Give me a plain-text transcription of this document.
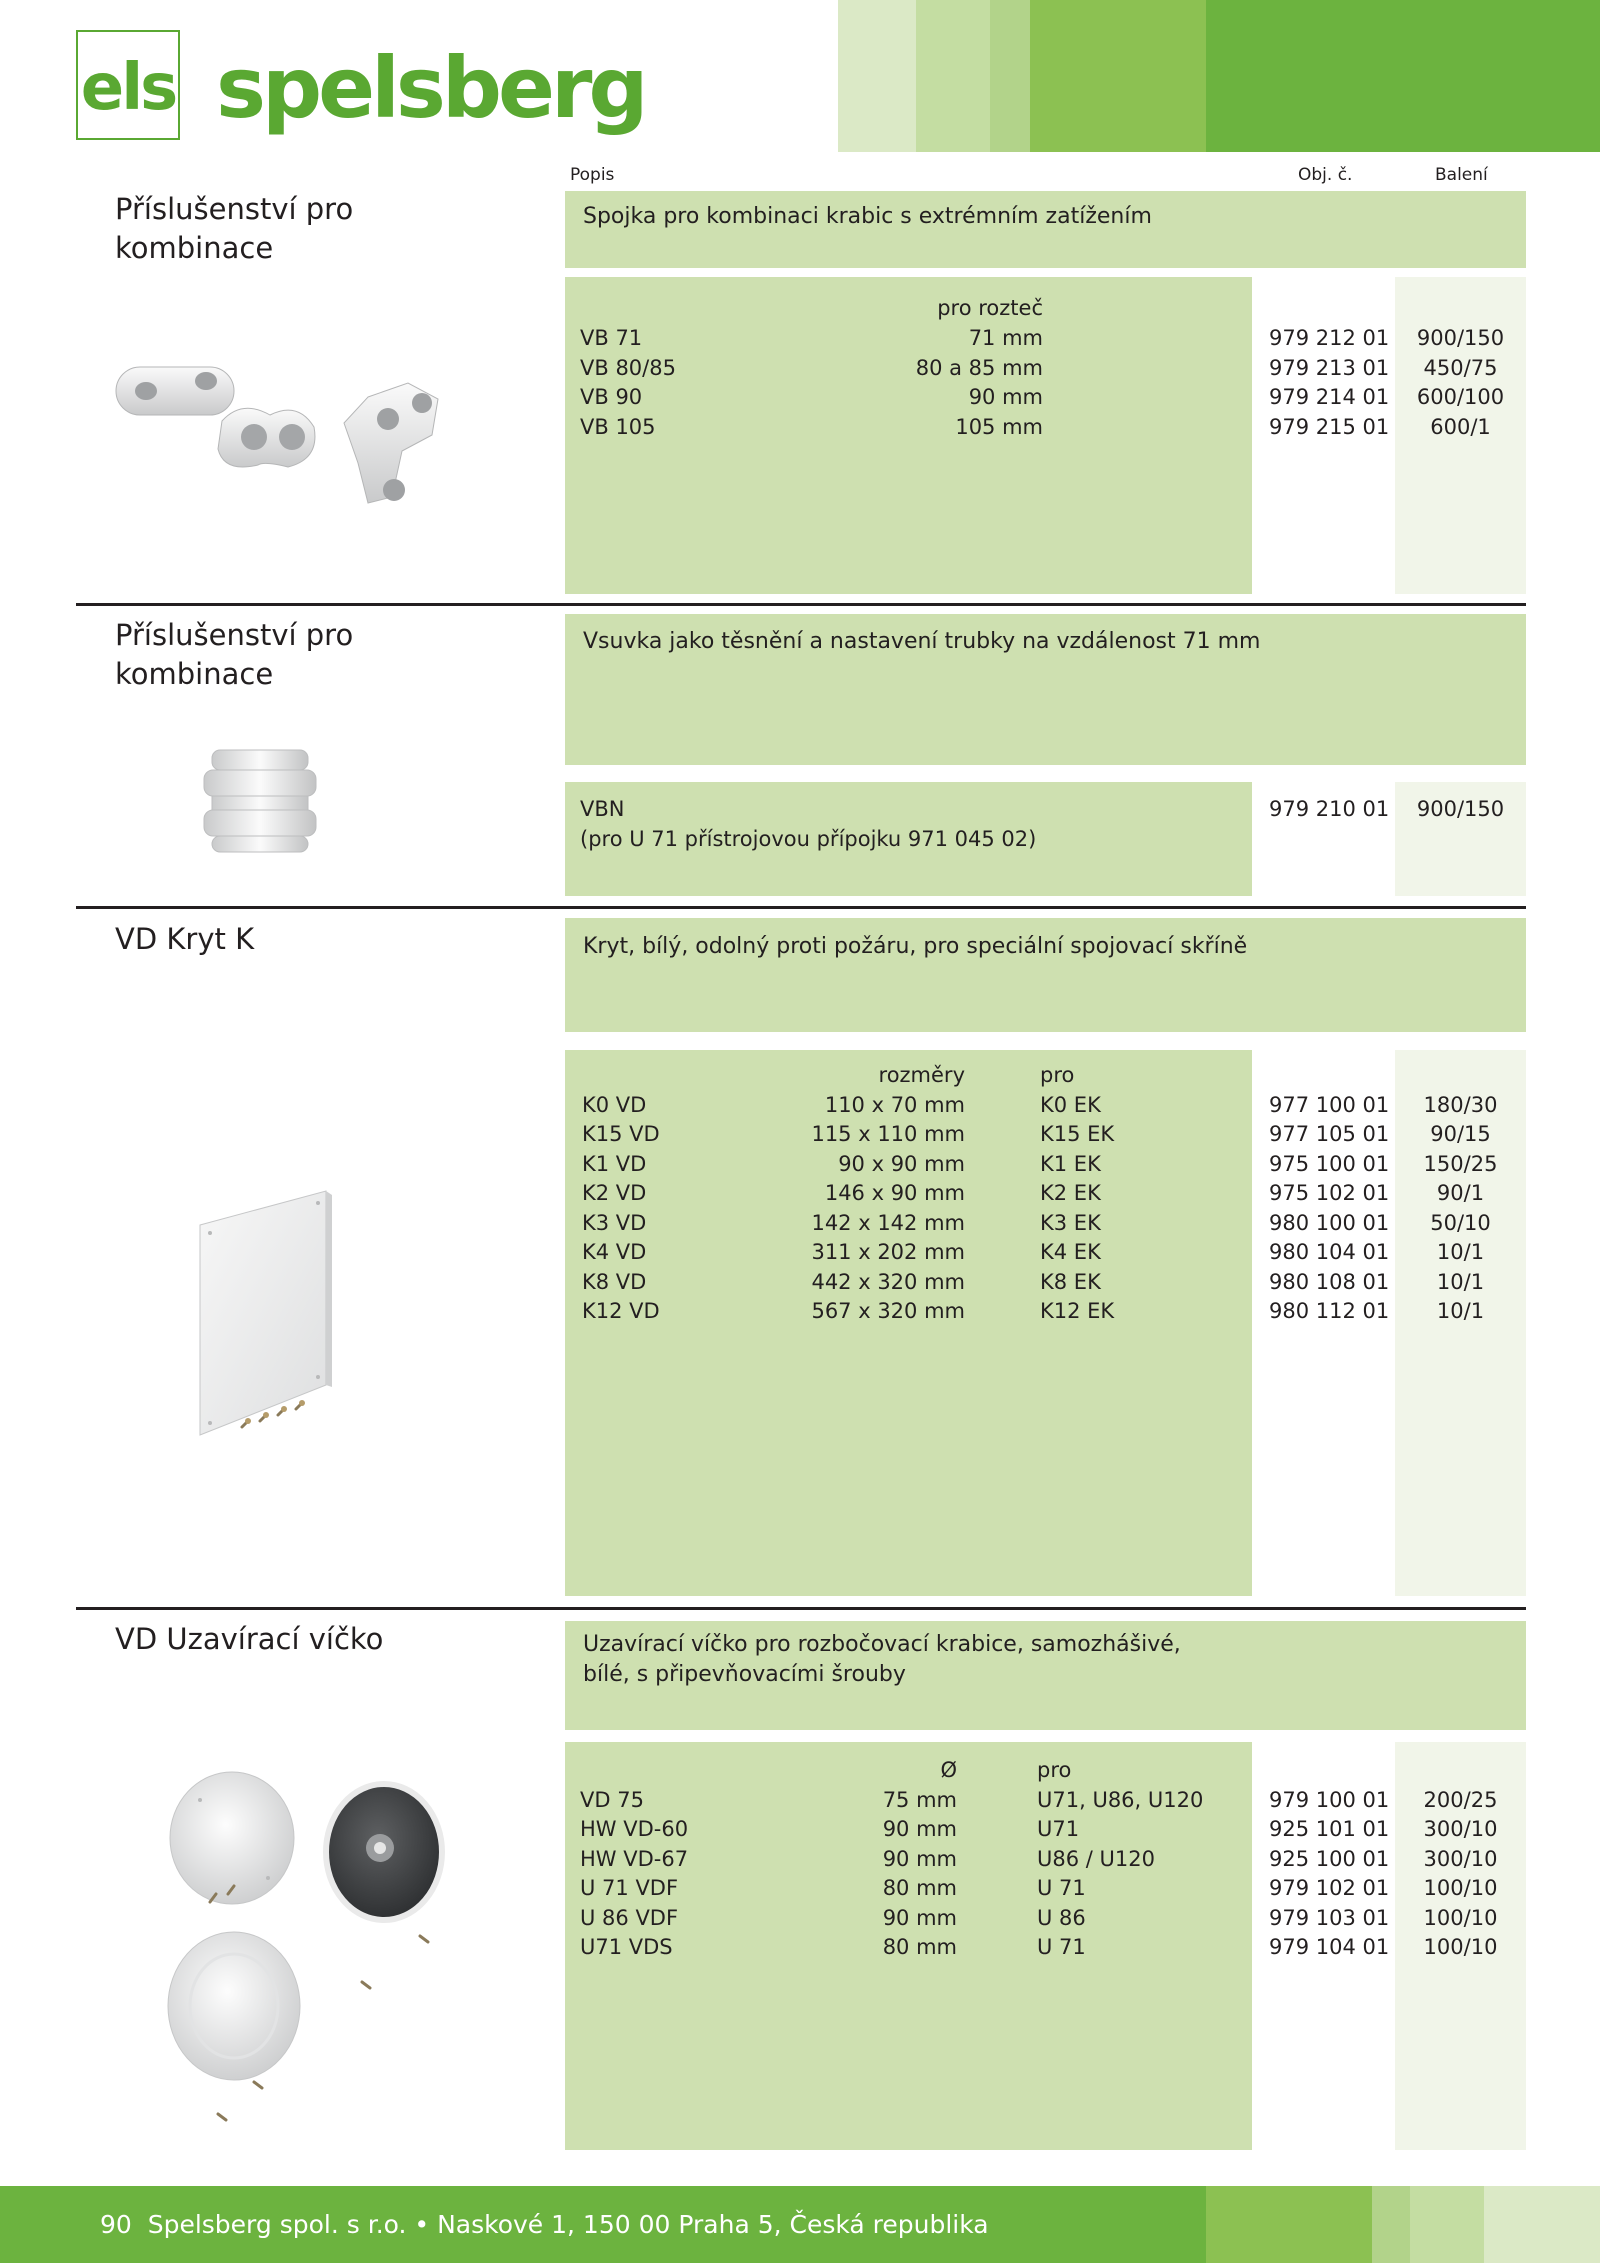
els spelsberg
Popis	Obj. č.	Balení
Příslušenství pro
kombinace
Spojka pro kombinaci krabic s extrémním zatížením
pro rozteč
VB 71	71 mm	979 212 01	900/150
VB 80/85	80 a 85 mm	979 213 01	450/75
VB 90	90 mm	979 214 01	600/100
VB 105	105 mm	979 215 01	600/1
Příslušenství pro
kombinace
Vsuvka jako těsnění a nastavení trubky na vzdálenost 71 mm
VBN	979 210 01	900/150
(pro U 71 přístrojovou přípojku 971 045 02)
VD Kryt K	Kryt, bílý, odolný proti požáru, pro speciální spojovací skříně
rozměry	pro
K0 VD	110 x 70 mm	K0 EK	977 100 01	180/30
K15 VD	115 x 110 mm	K15 EK	977 105 01	90/15
K1 VD	90 x 90 mm	K1 EK	975 100 01	150/25
K2 VD	146 x 90 mm	K2 EK	975 102 01	90/1
K3 VD	142 x 142 mm	K3 EK	980 100 01	50/10
K4 VD	311 x 202 mm	K4 EK	980 104 01	10/1
K8 VD	442 x 320 mm	K8 EK	980 108 01	10/1
K12 VD	567 x 320 mm	K12 EK	980 112 01	10/1
VD Uzavírací víčko	Uzavírací víčko pro rozbočovací krabice, samozhášivé,
bílé, s připevňovacími šrouby
Ø	pro
VD 75	75 mm	U71, U86, U120	979 100 01	200/25
HW VD-60	90 mm	U71	925 101 01	300/10
HW VD-67	90 mm	U86 / U120	925 100 01	300/10
U 71 VDF	80 mm	U 71	979 102 01	100/10
U 86 VDF	90 mm	U 86	979 103 01	100/10
U71 VDS	80 mm	U 71	979 104 01	100/10
90 Spelsberg spol. s r.o. • Naskové 1, 150 00 Praha 5, Česká republika
